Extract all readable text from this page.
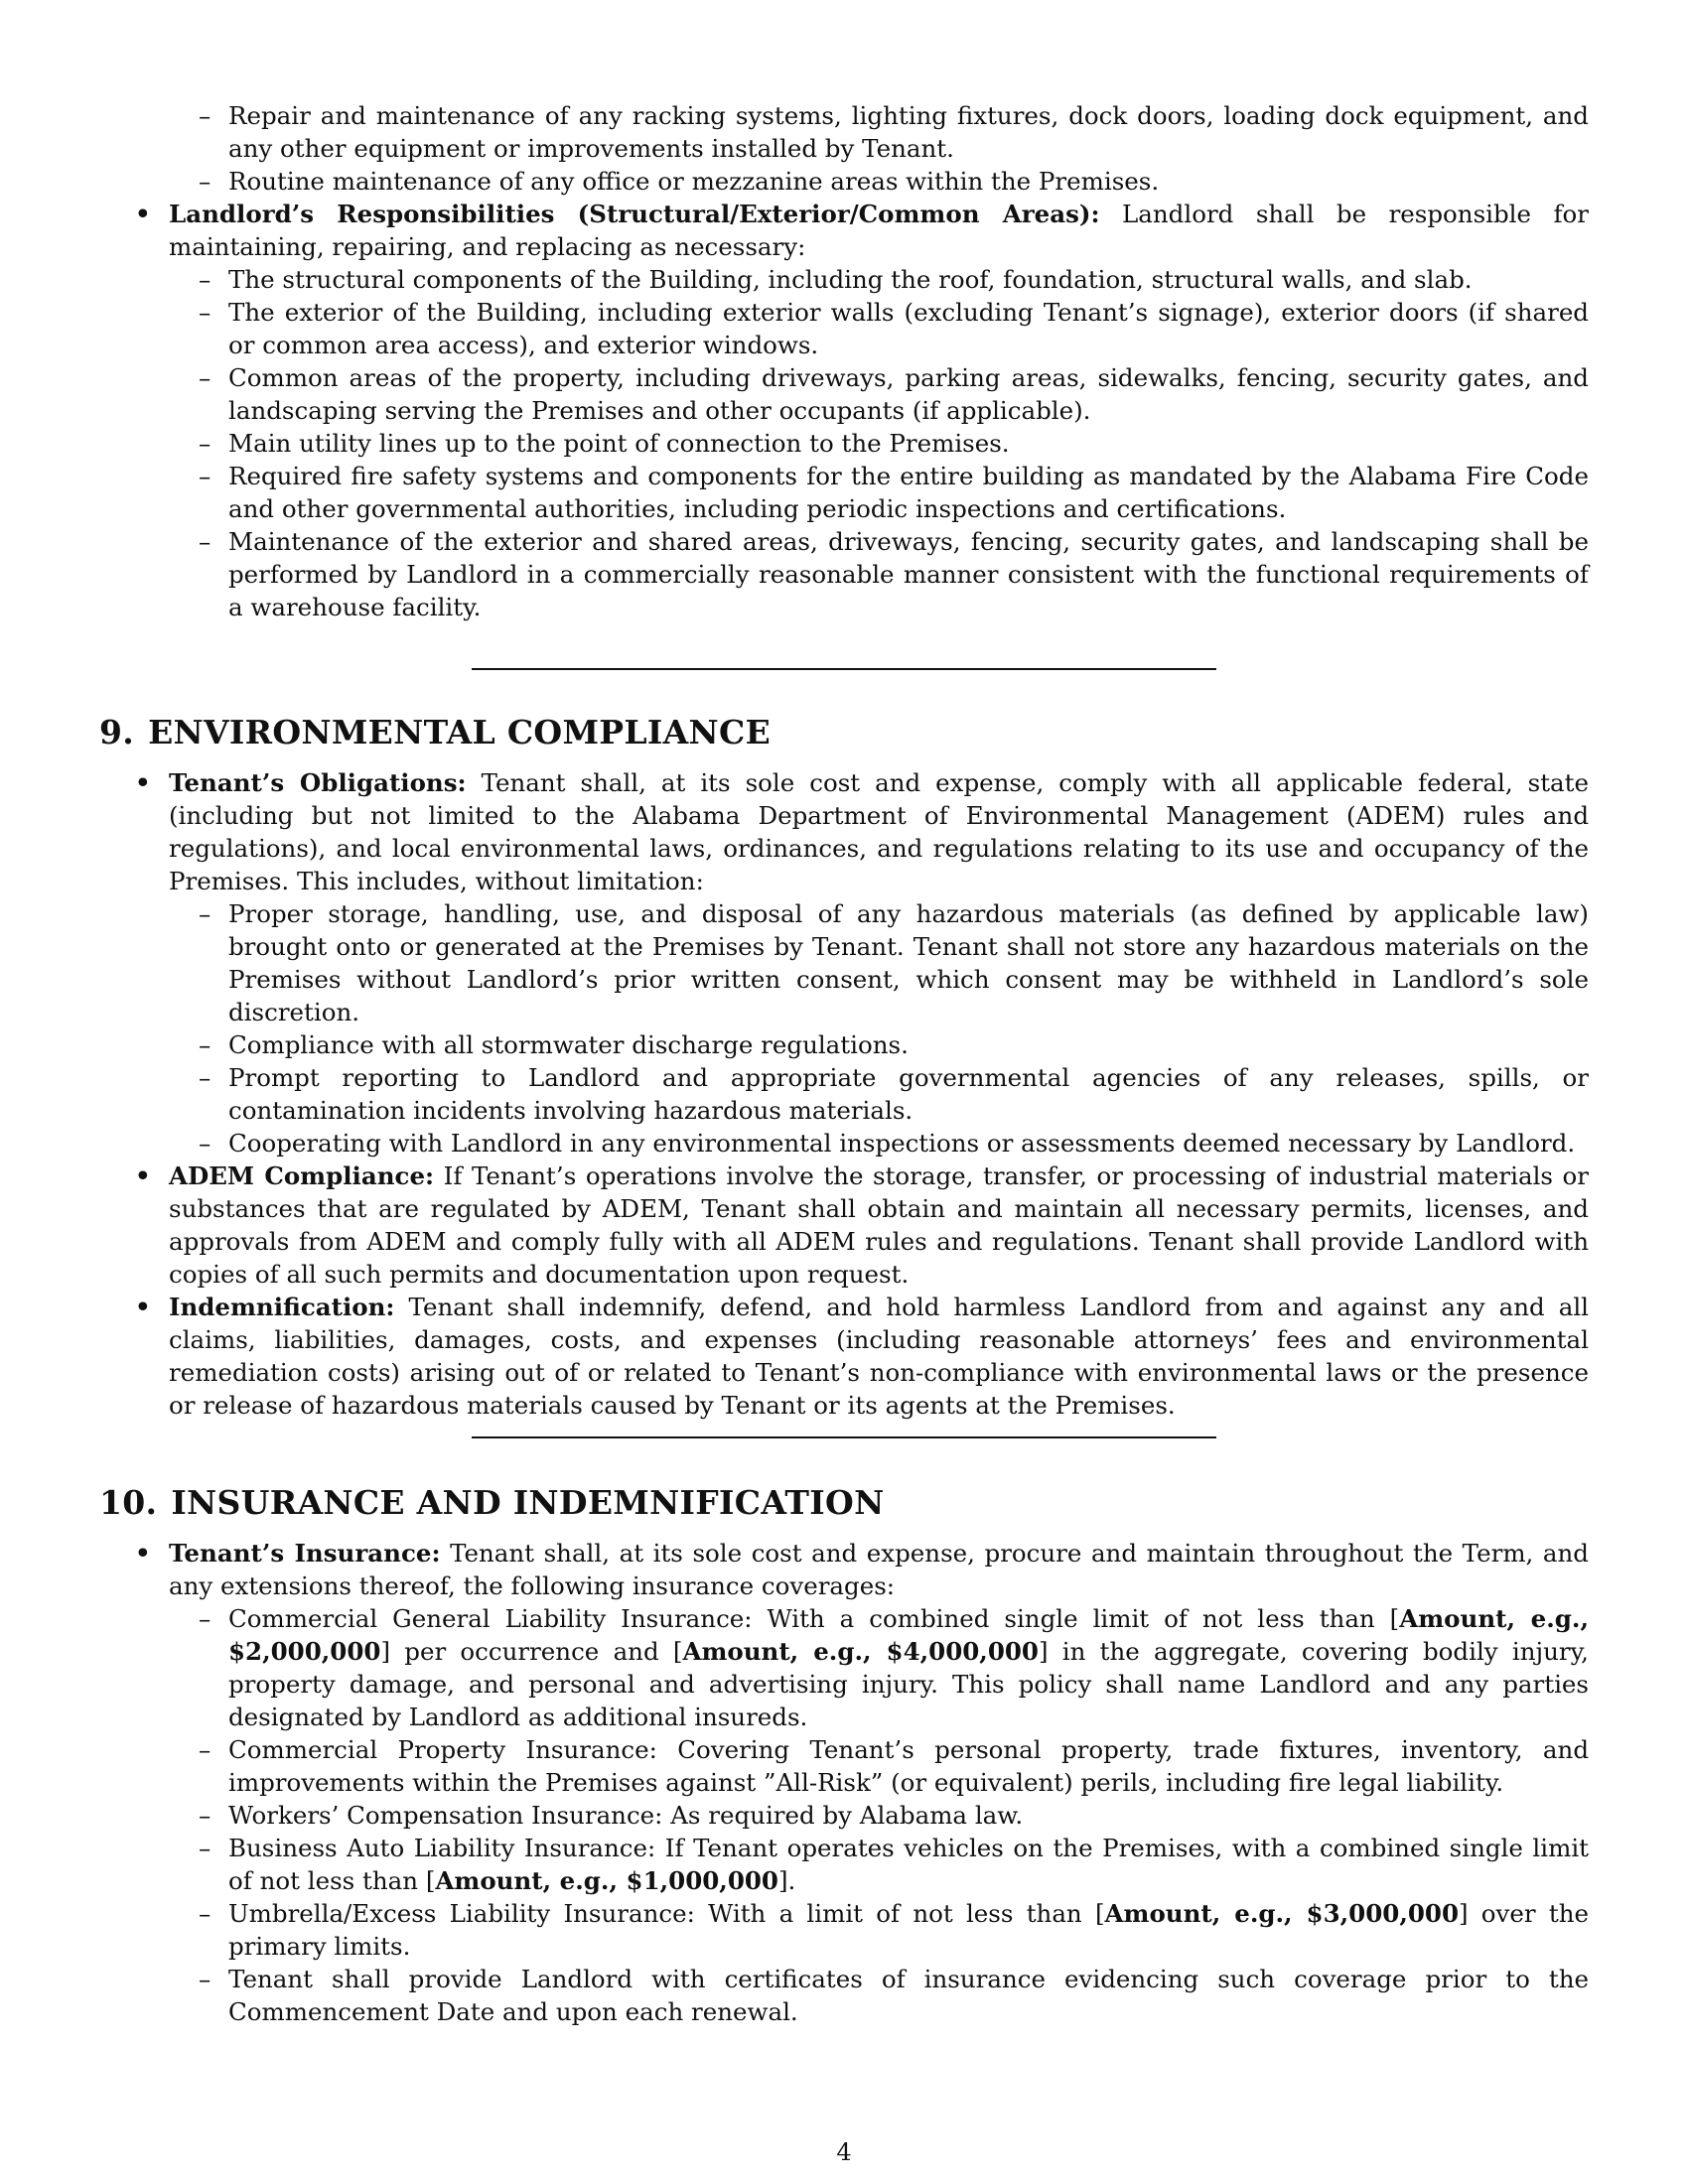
– Repair and maintenance of any racking systems, lighting fixtures, dock doors, loading dock equipment, and any other equipment or improvements installed by Tenant.
– Routine maintenance of any office or mezzanine areas within the Premises.
• Landlord’s Responsibilities (Structural/Exterior/Common Areas): Landlord shall be responsible for maintaining, repairing, and replacing as necessary:

– The structural components of the Building, including the roof, foundation, structural walls, and slab.
– The exterior of the Building, including exterior walls (excluding Tenant’s signage), exterior doors (if shared or common area access), and exterior windows.
– Common areas of the property, including driveways, parking areas, sidewalks, fencing, security gates, and landscaping serving the Premises and other occupants (if applicable).
– Main utility lines up to the point of connection to the Premises.
– Required fire safety systems and components for the entire building as mandated by the Alabama Fire Code and other governmental authorities, including periodic inspections and certifications.
– Maintenance of the exterior and shared areas, driveways, fencing, security gates, and landscaping shall be performed by Landlord in a commercially reasonable manner consistent with the functional requirements of a warehouse facility.
9. ENVIRONMENTAL COMPLIANCE
• Tenant’s Obligations: Tenant shall, at its sole cost and expense, comply with all applicable federal, state (including but not limited to the Alabama Department of Environmental Management (ADEM) rules and regulations), and local environmental laws, ordinances, and regulations relating to its use and occupancy of the Premises. This includes, without limitation:

– Proper storage, handling, use, and disposal of any hazardous materials (as defined by applicable law) brought onto or generated at the Premises by Tenant. Tenant shall not store any hazardous materials on the Premises without Landlord’s prior written consent, which consent may be withheld in Landlord’s sole discretion.
– Compliance with all stormwater discharge regulations.
– Prompt reporting to Landlord and appropriate governmental agencies of any releases, spills, or contamination incidents involving hazardous materials.
– Cooperating with Landlord in any environmental inspections or assessments deemed necessary by Landlord.
• ADEM Compliance: If Tenant’s operations involve the storage, transfer, or processing of industrial materials or substances that are regulated by ADEM, Tenant shall obtain and maintain all necessary permits, licenses, and approvals from ADEM and comply fully with all ADEM rules and regulations. Tenant shall provide Landlord with copies of all such permits and documentation upon request.

• Indemnification: Tenant shall indemnify, defend, and hold harmless Landlord from and against any and all claims, liabilities, damages, costs, and expenses (including reasonable attorneys’ fees and environmental remediation costs) arising out of or related to Tenant’s non-compliance with environmental laws or the presence or release of hazardous materials caused by Tenant or its agents at the Premises.

10. INSURANCE AND INDEMNIFICATION
• Tenant’s Insurance: Tenant shall, at its sole cost and expense, procure and maintain throughout the Term, and any extensions thereof, the following insurance coverages:

– Commercial General Liability Insurance: With a combined single limit of not less than [Amount, e.g., $2,000,000] per occurrence and [Amount, e.g., $4,000,000] in the aggregate, covering bodily injury, property damage, and personal and advertising injury. This policy shall name Landlord and any parties designated by Landlord as additional insureds.
– Commercial Property Insurance: Covering Tenant’s personal property, trade fixtures, inventory, and improvements within the Premises against ”All-Risk” (or equivalent) perils, including fire legal liability.
– Workers’ Compensation Insurance: As required by Alabama law.
– Business Auto Liability Insurance: If Tenant operates vehicles on the Premises, with a combined single limit of not less than [Amount, e.g., $1,000,000].
– Umbrella/Excess Liability Insurance: With a limit of not less than [Amount, e.g., $3,000,000] over the primary limits.
– Tenant shall provide Landlord with certificates of insurance evidencing such coverage prior to the Commencement Date and upon each renewal.
4
